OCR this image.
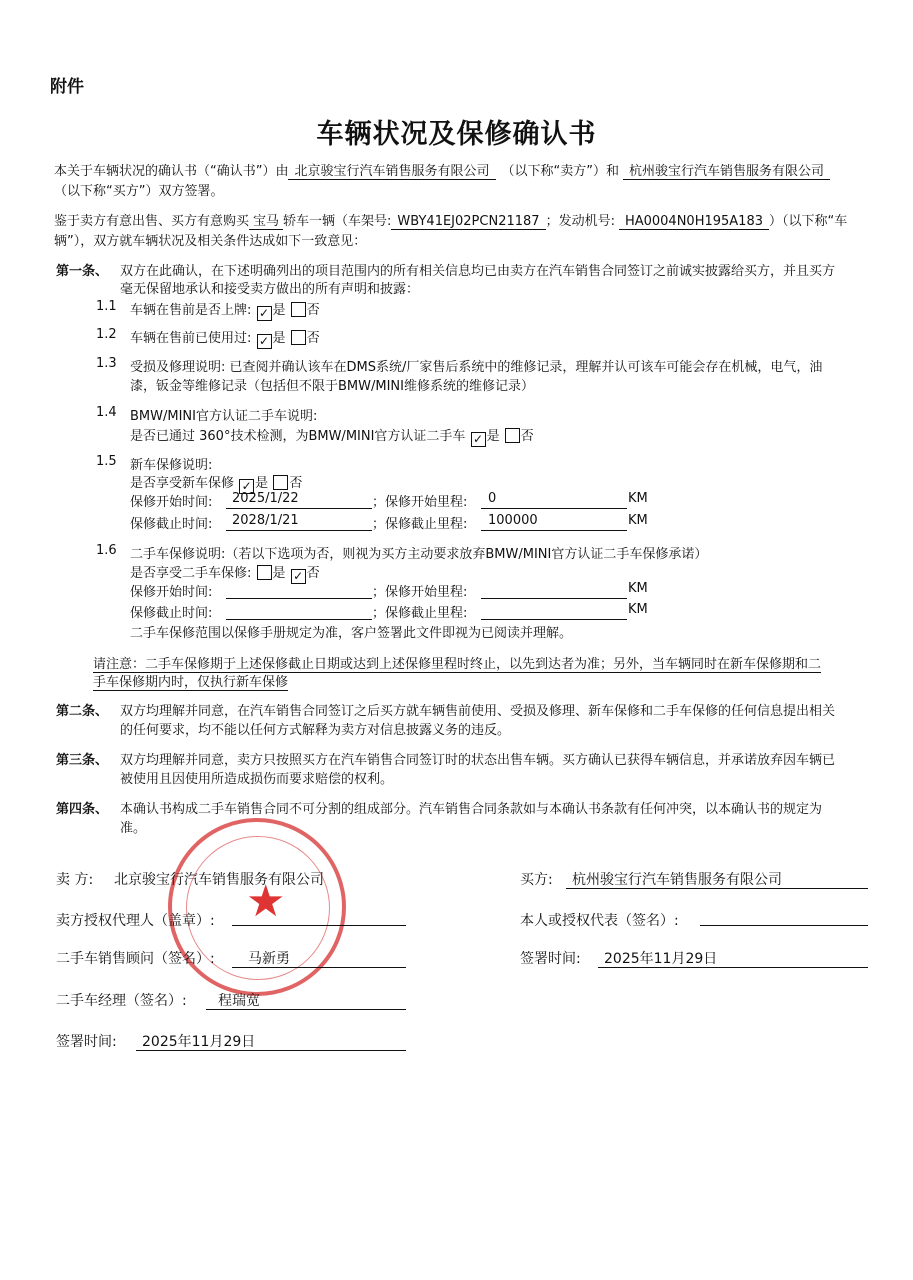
附件
车辆状况及保修确认书
本关于车辆状况的确认书（“确认书”）由 北京骏宝行汽车销售服务有限公司 （以下称“卖方”）和 杭州骏宝行汽车销售服务有限公司
（以下称“买方”）双方签署。
鉴于卖方有意出售、买方有意购买 宝马 轿车一辆（车架号: WBY41EJ02PCN21187 ；发动机号: HA0004N0H195A183 ）（以下称“车
辆”），双方就车辆状况及相关条件达成如下一致意见：
第一条、 双方在此确认，在下述明确列出的项目范围内的所有相关信息均已由卖方在汽车销售合同签订之前诚实披露给买方，并且买方
毫无保留地承认和接受卖方做出的所有声明和披露：
1.1 车辆在售前是否上牌: ✓ 是 否
1.2 车辆在售前已使用过: ✓ 是 否
1.3 受损及修理说明: 已查阅并确认该车在DMS系统/厂家售后系统中的维修记录，理解并认可该车可能会存在机械，电气，油
漆，钣金等维修记录（包括但不限于BMW/MINI维修系统的维修记录）
1.4 BMW/MINI官方认证二手车说明:
是否已通过 360°技术检测，为BMW/MINI官方认证二手车 ✓ 是 否
1.5 新车保修说明:
是否享受新车保修 ✓ 是 否
保修开始时间: 2025/1/22	；保修开始里程: 0	KM
保修截止时间: 2028/1/21	；保修截止里程: 100000	KM
1.6 二手车保修说明:（若以下选项为否，则视为买方主动要求放弃BMW/MINI官方认证二手车保修承诺）
是否享受二手车保修: 是 ✓ 否
保修开始时间:	；保修开始里程:	KM
保修截止时间:	；保修截止里程:	KM
二手车保修范围以保修手册规定为准，客户签署此文件即视为已阅读并理解。
请注意：二手车保修期于上述保修截止日期或达到上述保修里程时终止，以先到达者为准；另外，当车辆同时在新车保修期和二
手车保修期内时，仅执行新车保修
第二条、 双方均理解并同意，在汽车销售合同签订之后买方就车辆售前使用、受损及修理、新车保修和二手车保修的任何信息提出相关
的任何要求，均不能以任何方式解释为卖方对信息披露义务的违反。
第三条、 双方均理解并同意，卖方只按照买方在汽车销售合同签订时的状态出售车辆。买方确认已获得车辆信息，并承诺放弃因车辆已
被使用且因使用所造成损伤而要求赔偿的权利。
第四条、 本确认书构成二手车销售合同不可分割的组成部分。汽车销售合同条款如与本确认书条款有任何冲突，以本确认书的规定为
准。
★
卖 方: 北京骏宝行汽车销售服务有限公司
卖方授权代理人（盖章）:
二手车销售顾问（签名）: 马新勇
二手车经理（签名）: 程瑞宽
签署时间: 2025年11月29日
买方: 杭州骏宝行汽车销售服务有限公司
本人或授权代表（签名）:
签署时间: 2025年11月29日
